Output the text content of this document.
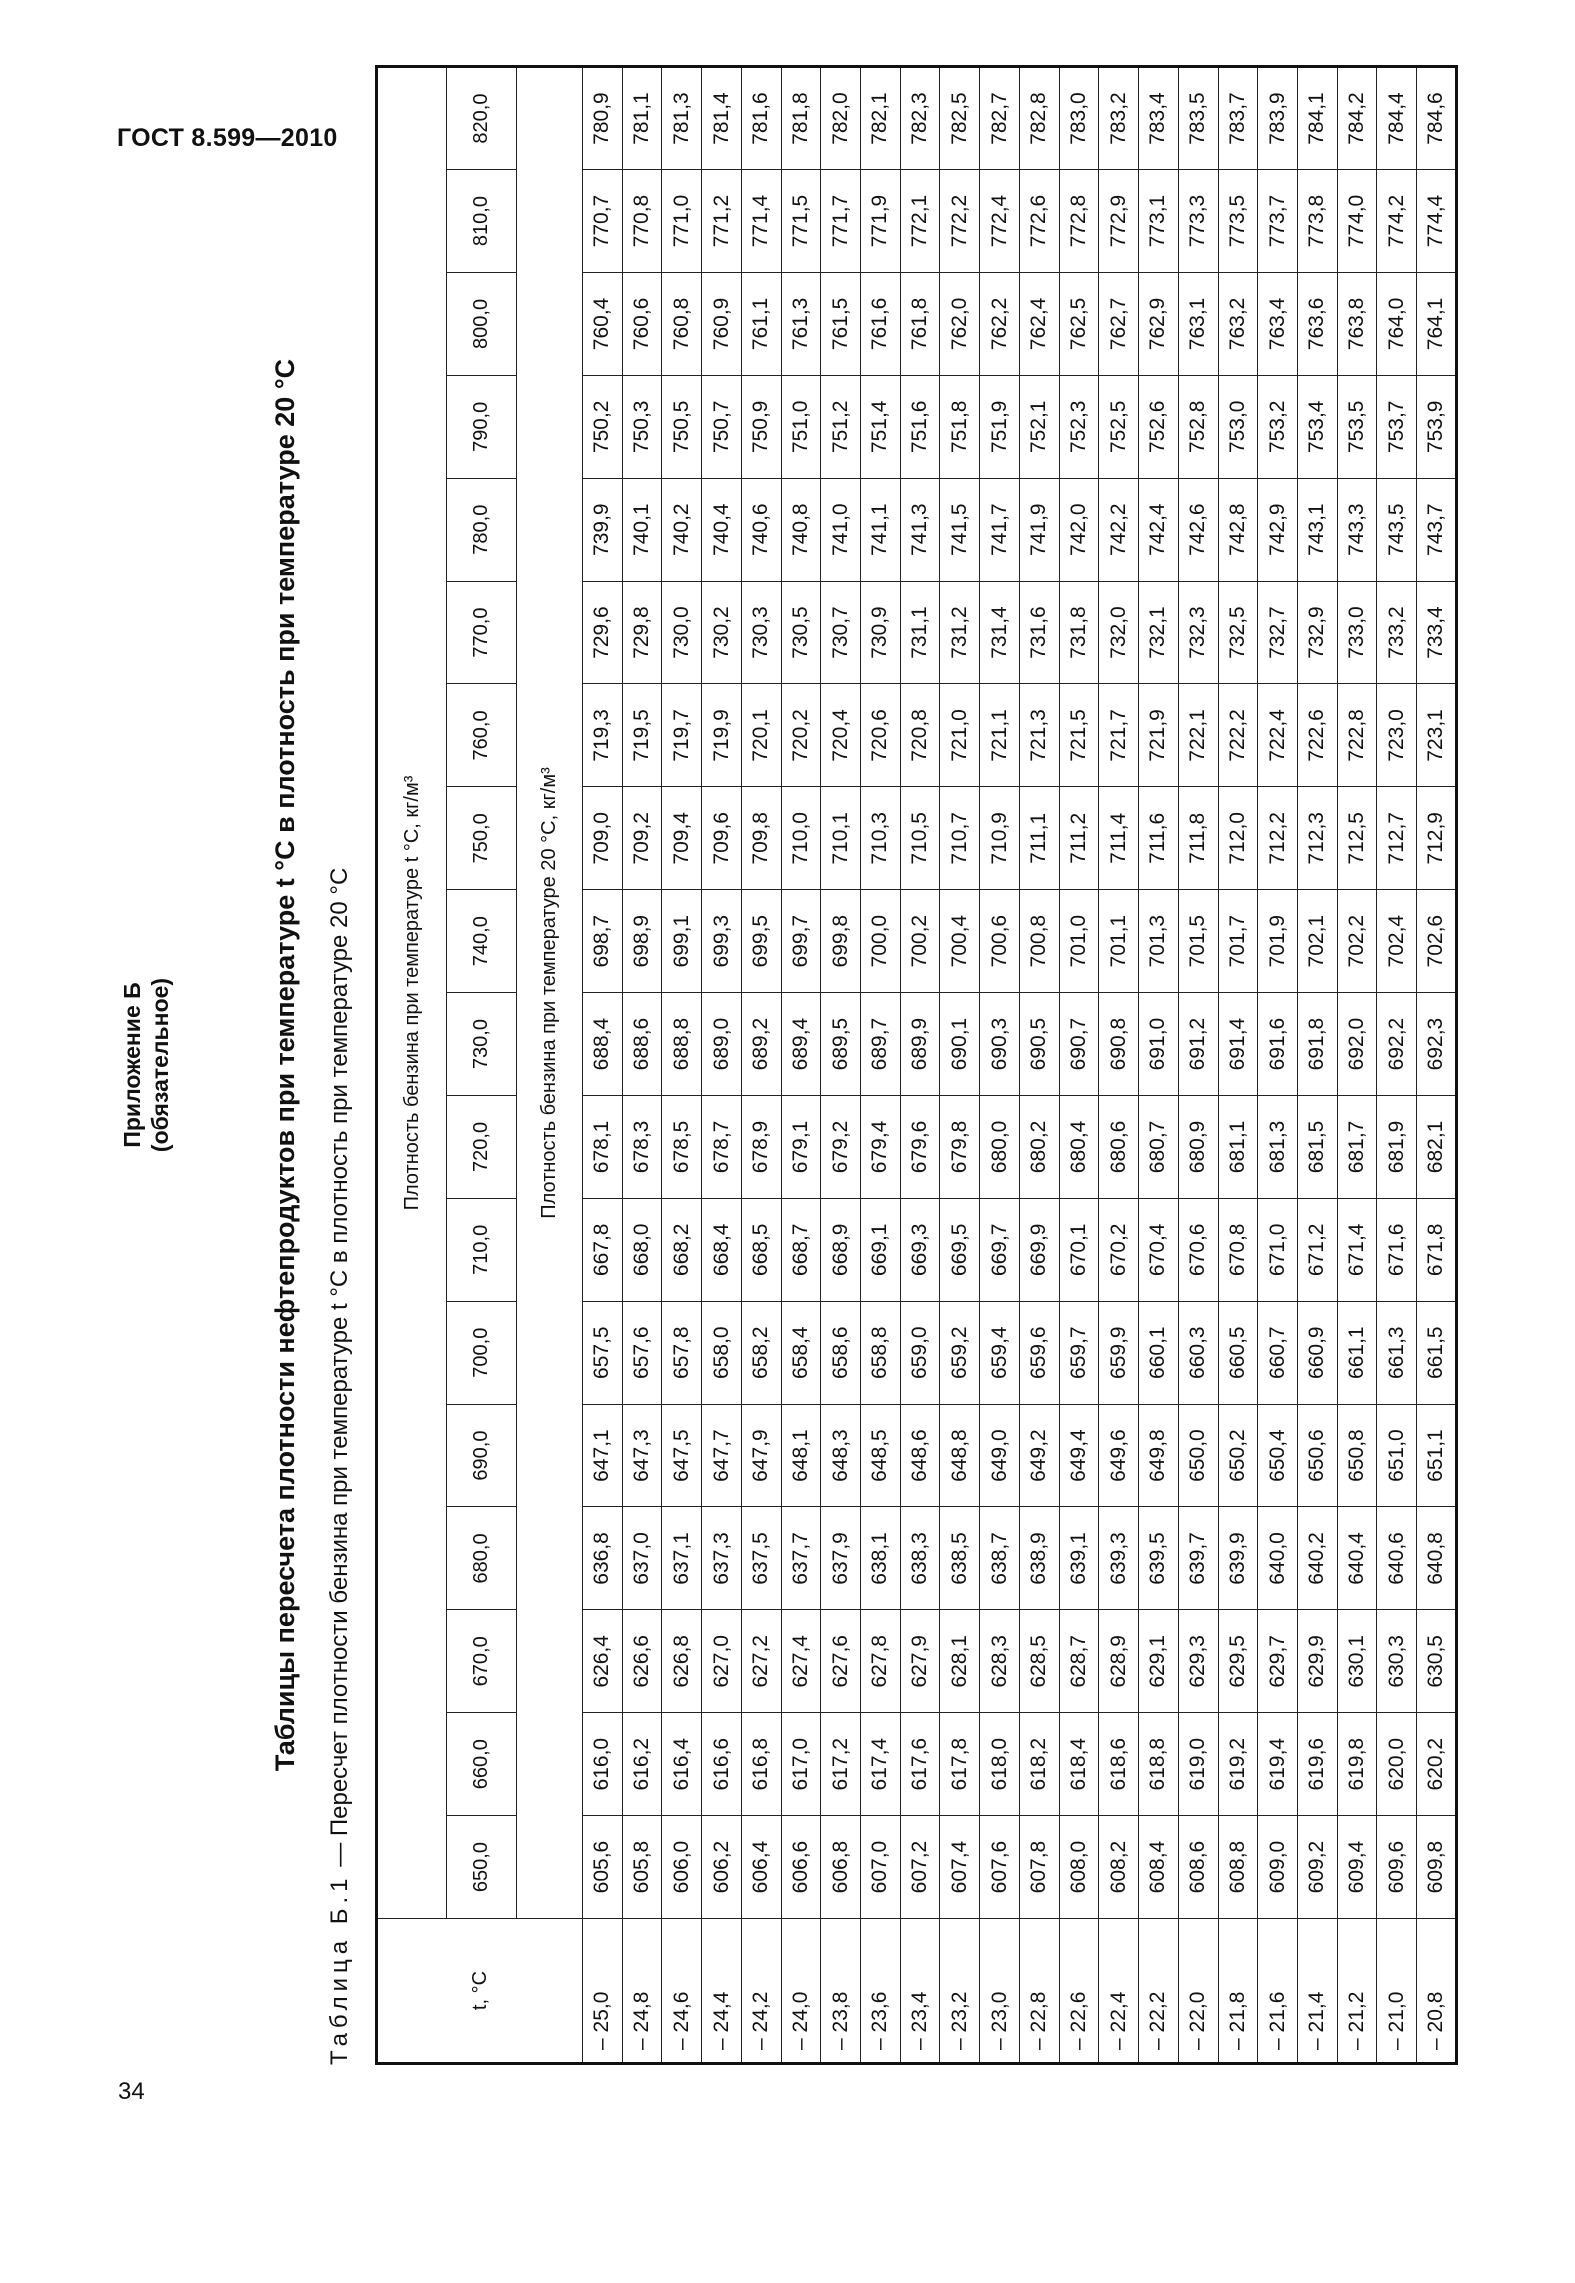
ГОСТ 8.599—2010
34
Приложение Б (обязательное)	Таблицы пересчета плотности нефтепродуктов при температуре t °С в плотность при температуре 20 °С
Таблица Б.1 — Пересчет плотности бензина при температуре t °С в плотность при температуре 20 °С
t, °С	Плотность бензина при температуре t °С, кг/м³																	
	650,0	660,0	670,0	680,0	690,0	700,0	710,0	720,0	730,0	740,0	750,0	760,0	770,0	780,0	790,0	800,0	810,0	820,0
	Плотность бензина при температуре 20 °С, кг/м³																	
– 25,0	605,6	616,0	626,4	636,8	647,1	657,5	667,8	678,1	688,4	698,7	709,0	719,3	729,6	739,9	750,2	760,4	770,7	780,9
– 24,8	605,8	616,2	626,6	637,0	647,3	657,6	668,0	678,3	688,6	698,9	709,2	719,5	729,8	740,1	750,3	760,6	770,8	781,1
– 24,6	606,0	616,4	626,8	637,1	647,5	657,8	668,2	678,5	688,8	699,1	709,4	719,7	730,0	740,2	750,5	760,8	771,0	781,3
– 24,4	606,2	616,6	627,0	637,3	647,7	658,0	668,4	678,7	689,0	699,3	709,6	719,9	730,2	740,4	750,7	760,9	771,2	781,4
– 24,2	606,4	616,8	627,2	637,5	647,9	658,2	668,5	678,9	689,2	699,5	709,8	720,1	730,3	740,6	750,9	761,1	771,4	781,6
– 24,0	606,6	617,0	627,4	637,7	648,1	658,4	668,7	679,1	689,4	699,7	710,0	720,2	730,5	740,8	751,0	761,3	771,5	781,8
– 23,8	606,8	617,2	627,6	637,9	648,3	658,6	668,9	679,2	689,5	699,8	710,1	720,4	730,7	741,0	751,2	761,5	771,7	782,0
– 23,6	607,0	617,4	627,8	638,1	648,5	658,8	669,1	679,4	689,7	700,0	710,3	720,6	730,9	741,1	751,4	761,6	771,9	782,1
– 23,4	607,2	617,6	627,9	638,3	648,6	659,0	669,3	679,6	689,9	700,2	710,5	720,8	731,1	741,3	751,6	761,8	772,1	782,3
– 23,2	607,4	617,8	628,1	638,5	648,8	659,2	669,5	679,8	690,1	700,4	710,7	721,0	731,2	741,5	751,8	762,0	772,2	782,5
– 23,0	607,6	618,0	628,3	638,7	649,0	659,4	669,7	680,0	690,3	700,6	710,9	721,1	731,4	741,7	751,9	762,2	772,4	782,7
– 22,8	607,8	618,2	628,5	638,9	649,2	659,6	669,9	680,2	690,5	700,8	711,1	721,3	731,6	741,9	752,1	762,4	772,6	782,8
– 22,6	608,0	618,4	628,7	639,1	649,4	659,7	670,1	680,4	690,7	701,0	711,2	721,5	731,8	742,0	752,3	762,5	772,8	783,0
– 22,4	608,2	618,6	628,9	639,3	649,6	659,9	670,2	680,6	690,8	701,1	711,4	721,7	732,0	742,2	752,5	762,7	772,9	783,2
– 22,2	608,4	618,8	629,1	639,5	649,8	660,1	670,4	680,7	691,0	701,3	711,6	721,9	732,1	742,4	752,6	762,9	773,1	783,4
– 22,0	608,6	619,0	629,3	639,7	650,0	660,3	670,6	680,9	691,2	701,5	711,8	722,1	732,3	742,6	752,8	763,1	773,3	783,5
– 21,8	608,8	619,2	629,5	639,9	650,2	660,5	670,8	681,1	691,4	701,7	712,0	722,2	732,5	742,8	753,0	763,2	773,5	783,7
– 21,6	609,0	619,4	629,7	640,0	650,4	660,7	671,0	681,3	691,6	701,9	712,2	722,4	732,7	742,9	753,2	763,4	773,7	783,9
– 21,4	609,2	619,6	629,9	640,2	650,6	660,9	671,2	681,5	691,8	702,1	712,3	722,6	732,9	743,1	753,4	763,6	773,8	784,1
– 21,2	609,4	619,8	630,1	640,4	650,8	661,1	671,4	681,7	692,0	702,2	712,5	722,8	733,0	743,3	753,5	763,8	774,0	784,2
– 21,0	609,6	620,0	630,3	640,6	651,0	661,3	671,6	681,9	692,2	702,4	712,7	723,0	733,2	743,5	753,7	764,0	774,2	784,4
– 20,8	609,8	620,2	630,5	640,8	651,1	661,5	671,8	682,1	692,3	702,6	712,9	723,1	733,4	743,7	753,9	764,1	774,4	784,6
